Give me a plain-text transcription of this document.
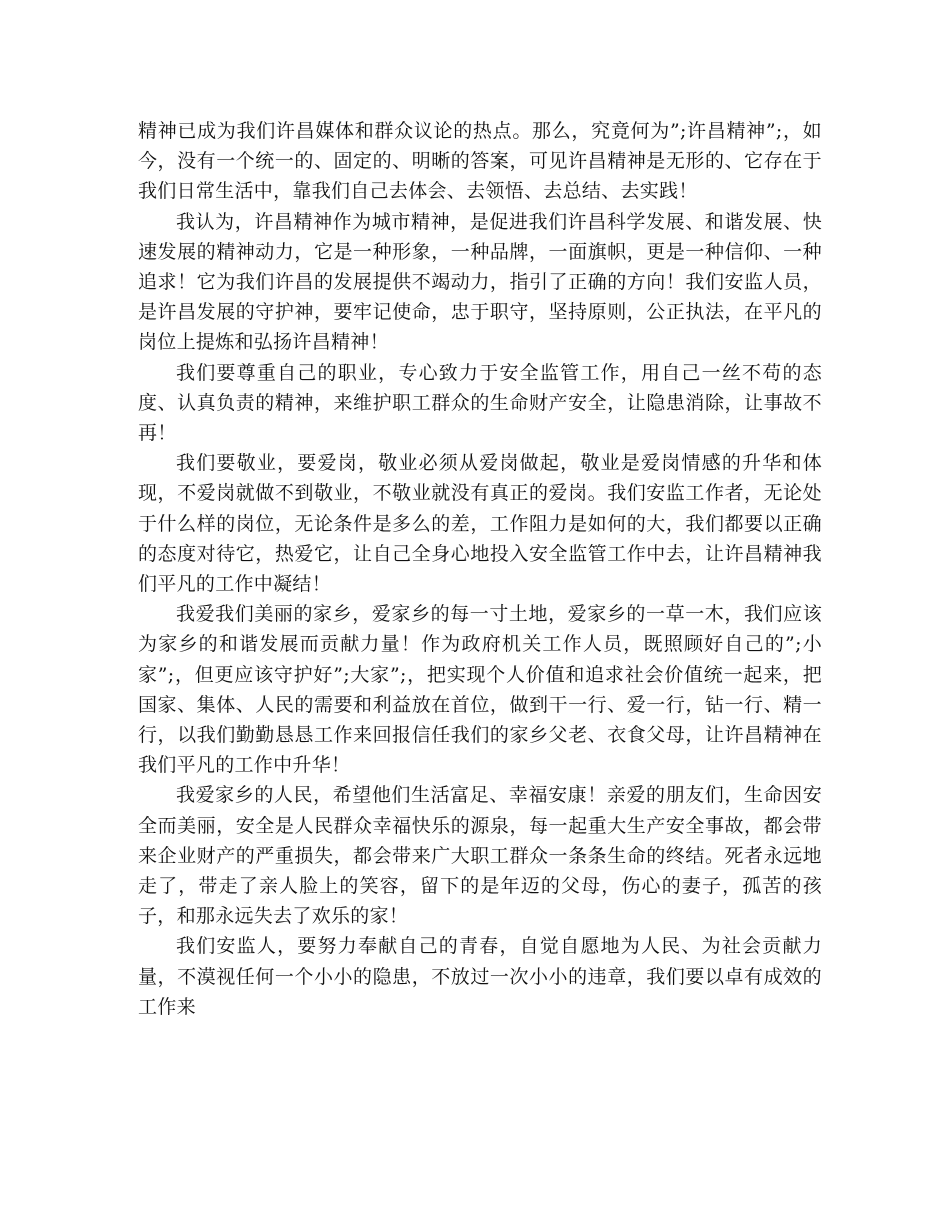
精神已成为我们许昌媒体和群众议论的热点。那么，究竟何为”;许昌精神”;，如今，没有一个统一的、固定的、明晰的答案，可见许昌精神是无形的、它存在于我们日常生活中，靠我们自己去体会、去领悟、去总结、去实践！

我认为，许昌精神作为城市精神，是促进我们许昌科学发展、和谐发展、快速发展的精神动力，它是一种形象，一种品牌，一面旗帜，更是一种信仰、一种追求！它为我们许昌的发展提供不竭动力，指引了正确的方向！我们安监人员，是许昌发展的守护神，要牢记使命，忠于职守，坚持原则，公正执法，在平凡的岗位上提炼和弘扬许昌精神！

我们要尊重自己的职业，专心致力于安全监管工作，用自己一丝不苟的态度、认真负责的精神，来维护职工群众的生命财产安全，让隐患消除，让事故不再！

我们要敬业，要爱岗，敬业必须从爱岗做起，敬业是爱岗情感的升华和体现，不爱岗就做不到敬业，不敬业就没有真正的爱岗。我们安监工作者，无论处于什么样的岗位，无论条件是多么的差，工作阻力是如何的大，我们都要以正确的态度对待它，热爱它，让自己全身心地投入安全监管工作中去，让许昌精神我们平凡的工作中凝结！

我爱我们美丽的家乡，爱家乡的每一寸土地，爱家乡的一草一木，我们应该为家乡的和谐发展而贡献力量！作为政府机关工作人员，既照顾好自己的”;小家”;，但更应该守护好”;大家”;，把实现个人价值和追求社会价值统一起来，把国家、集体、人民的需要和利益放在首位，做到干一行、爱一行，钻一行、精一行，以我们勤勤恳恳工作来回报信任我们的家乡父老、衣食父母，让许昌精神在我们平凡的工作中升华！

我爱家乡的人民，希望他们生活富足、幸福安康！亲爱的朋友们，生命因安全而美丽，安全是人民群众幸福快乐的源泉，每一起重大生产安全事故，都会带来企业财产的严重损失，都会带来广大职工群众一条条生命的终结。死者永远地走了，带走了亲人脸上的笑容，留下的是年迈的父母，伤心的妻子，孤苦的孩子，和那永远失去了欢乐的家！

我们安监人，要努力奉献自己的青春，自觉自愿地为人民、为社会贡献力量，不漠视任何一个小小的隐患，不放过一次小小的违章，我们要以卓有成效的工作来
